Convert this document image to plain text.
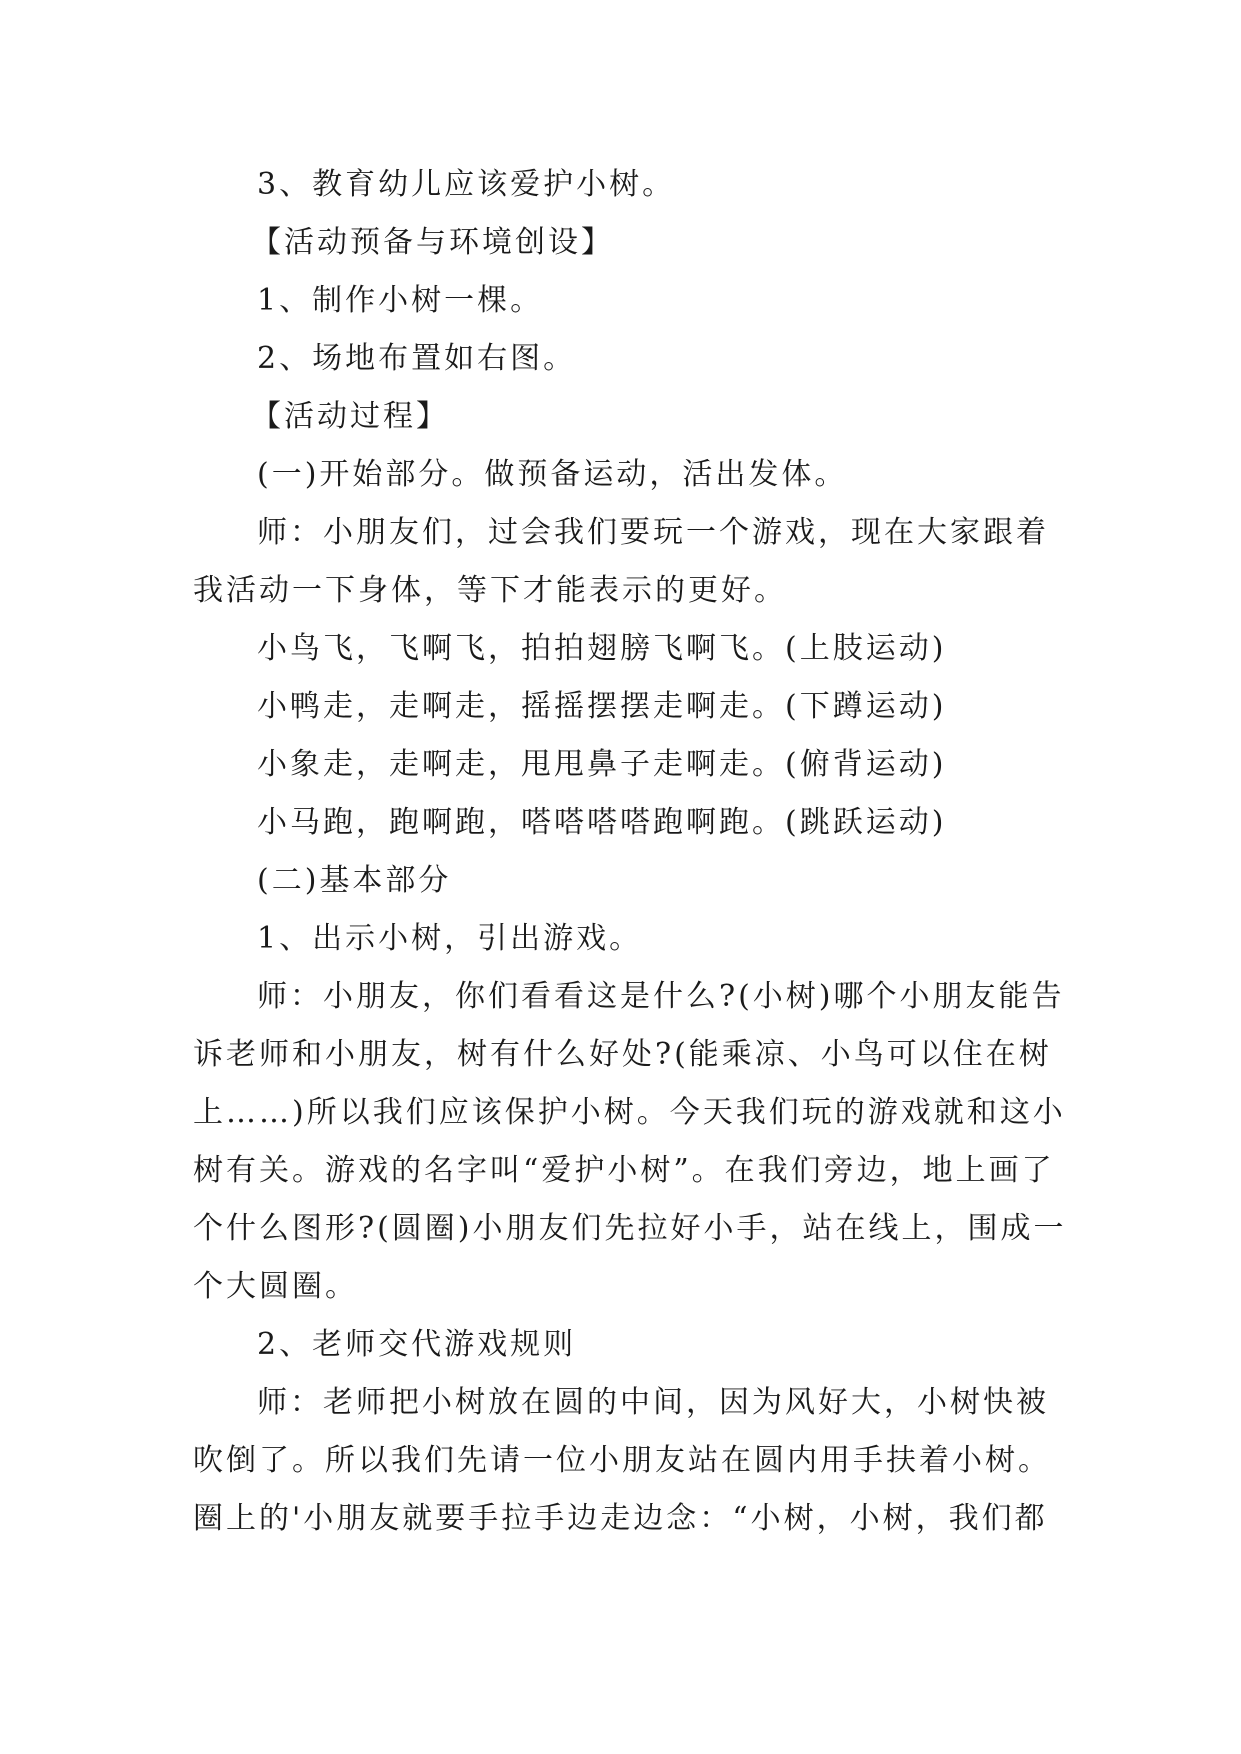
3、教育幼儿应该爱护小树。

【活动预备与环境创设】

1、制作小树一棵。

2、场地布置如右图。

【活动过程】

(一)开始部分。做预备运动，活出发体。

师：小朋友们，过会我们要玩一个游戏，现在大家跟着我活动一下身体，等下才能表示的更好。

小鸟飞，飞啊飞，拍拍翅膀飞啊飞。(上肢运动)

小鸭走，走啊走，摇摇摆摆走啊走。(下蹲运动)

小象走，走啊走，甩甩鼻子走啊走。(俯背运动)

小马跑，跑啊跑，嗒嗒嗒嗒跑啊跑。(跳跃运动)

(二)基本部分

1、出示小树，引出游戏。

师：小朋友，你们看看这是什么?(小树)哪个小朋友能告诉老师和小朋友，树有什么好处?(能乘凉、小鸟可以住在树上……)所以我们应该保护小树。今天我们玩的游戏就和这小树有关。游戏的名字叫“爱护小树”。在我们旁边，地上画了个什么图形?(圆圈)小朋友们先拉好小手，站在线上，围成一个大圆圈。

2、老师交代游戏规则

师：老师把小树放在圆的中间，因为风好大，小树快被吹倒了。所以我们先请一位小朋友站在圆内用手扶着小树。圈上的'小朋友就要手拉手边走边念：“小树，小树，我们都
